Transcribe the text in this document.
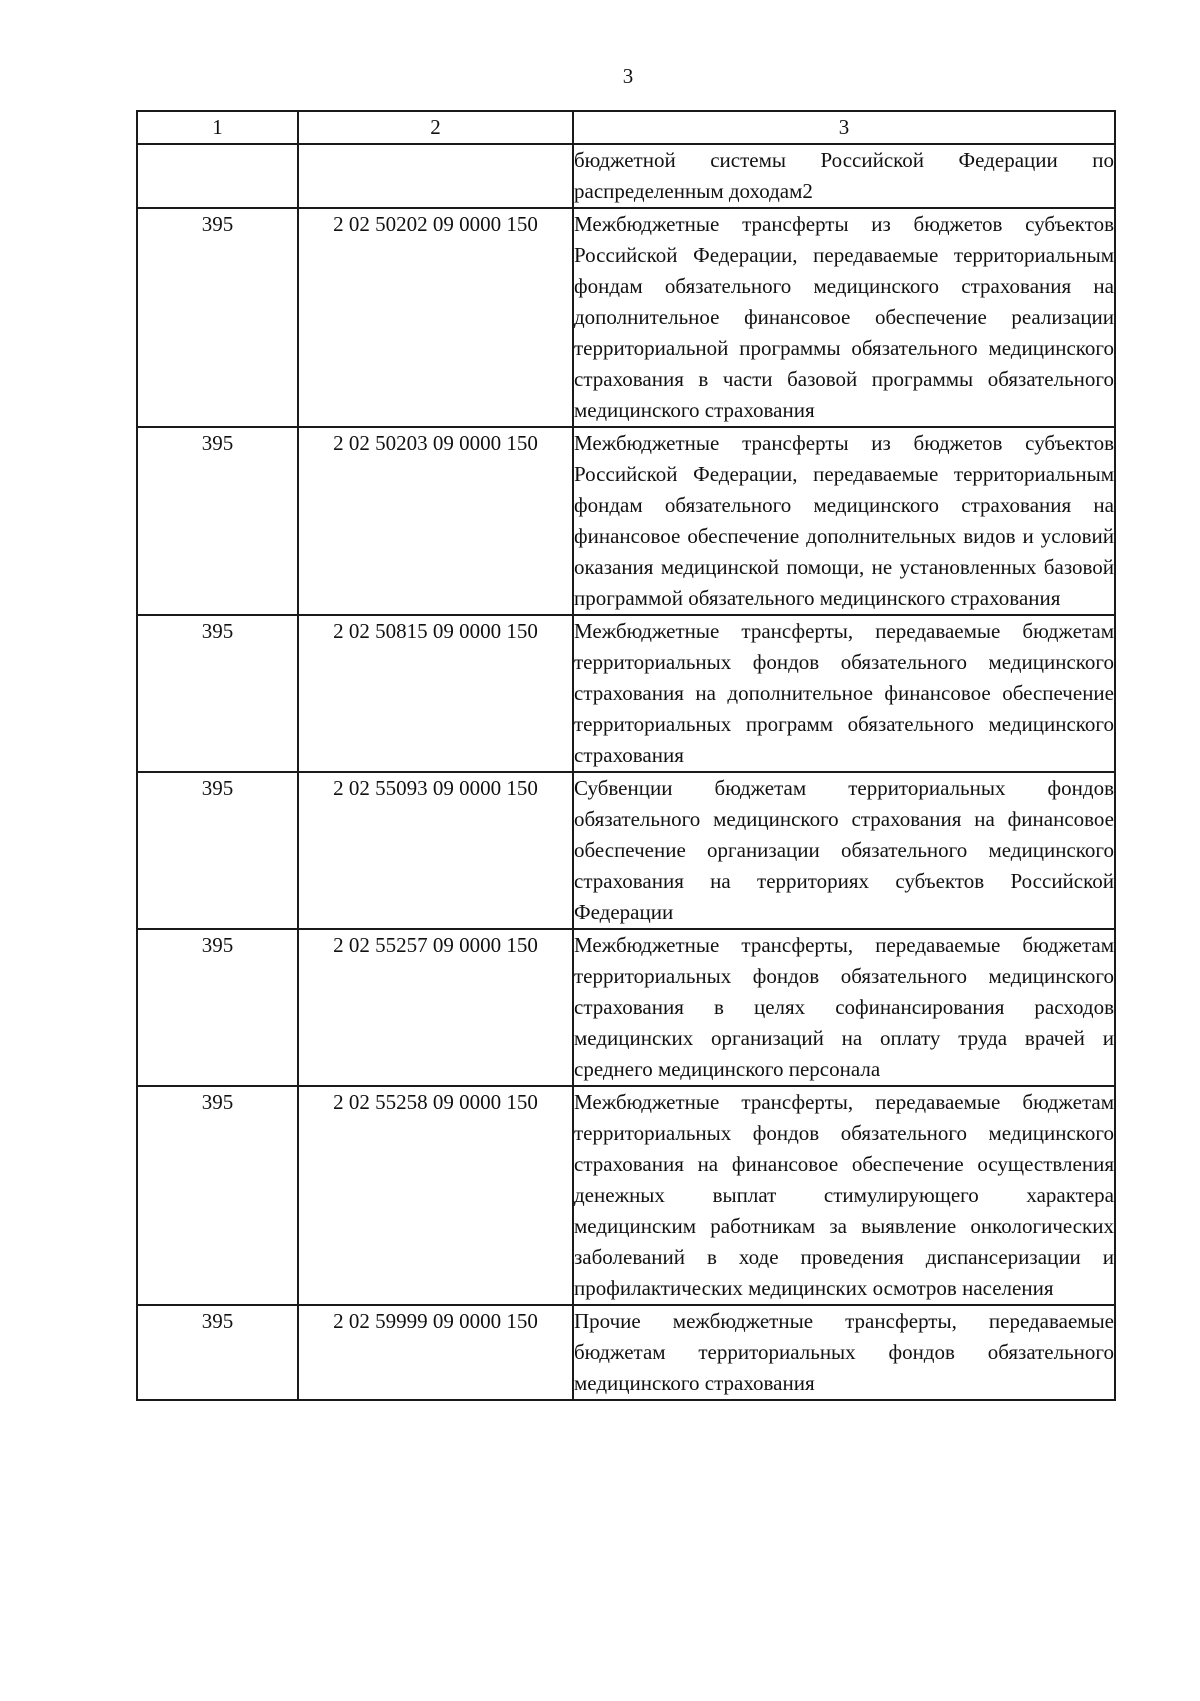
3
1	2	3
		бюджетной системы Российской Федерации по распределенным доходам2
395	2 02 50202 09 0000 150	Межбюджетные трансферты из бюджетов субъектов Российской Федерации, передаваемые территориальным фондам обязательного медицинского страхования на дополнительное финансовое обеспечение реализации территориальной программы обязательного медицинского страхования в части базовой программы обязательного медицинского страхования
395	2 02 50203 09 0000 150	Межбюджетные трансферты из бюджетов субъектов Российской Федерации, передаваемые территориальным фондам обязательного медицинского страхования на финансовое обеспечение дополнительных видов и условий оказания медицинской помощи, не установленных базовой программой обязательного медицинского страхования
395	2 02 50815 09 0000 150	Межбюджетные трансферты, передаваемые бюджетам территориальных фондов обязательного медицинского страхования на дополнительное финансовое обеспечение территориальных программ обязательного медицинского страхования
395	2 02 55093 09 0000 150	Субвенции бюджетам территориальных фондов обязательного медицинского страхования на финансовое обеспечение организации обязательного медицинского страхования на территориях субъектов Российской Федерации
395	2 02 55257 09 0000 150	Межбюджетные трансферты, передаваемые бюджетам территориальных фондов обязательного медицинского страхования в целях софинансирования расходов медицинских организаций на оплату труда врачей и среднего медицинского персонала
395	2 02 55258 09 0000 150	Межбюджетные трансферты, передаваемые бюджетам территориальных фондов обязательного медицинского страхования на финансовое обеспечение осуществления денежных выплат стимулирующего характера медицинским работникам за выявление онкологических заболеваний в ходе проведения диспансеризации и профилактических медицинских осмотров населения
395	2 02 59999 09 0000 150	Прочие межбюджетные трансферты, передаваемые бюджетам территориальных фондов обязательного медицинского страхования
